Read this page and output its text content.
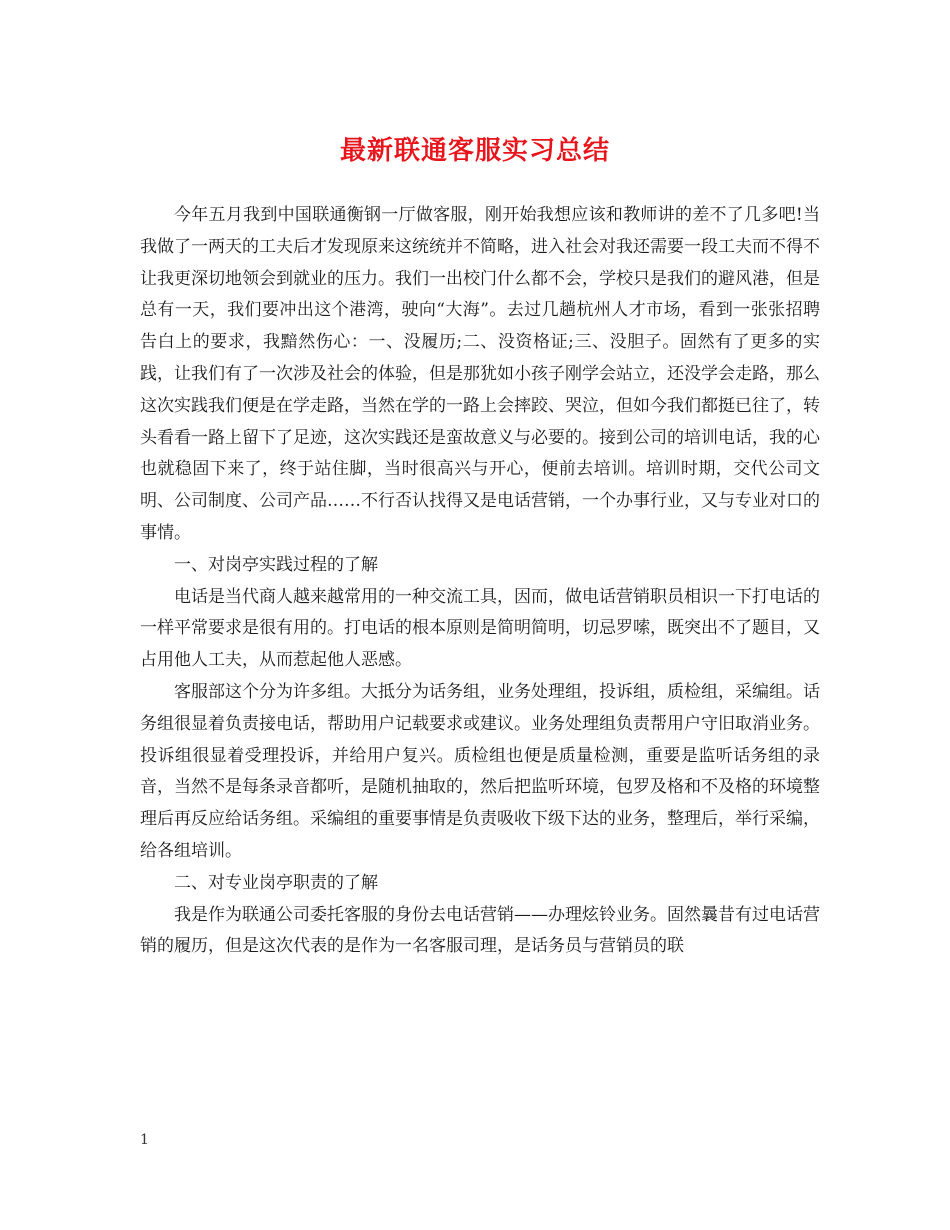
最新联通客服实习总结

今年五月我到中国联通衡钢一厅做客服，刚开始我想应该和教师讲的差不了几多吧!当我做了一两天的工夫后才发现原来这统统并不简略，进入社会对我还需要一段工夫而不得不让我更深切地领会到就业的压力。我们一出校门什么都不会，学校只是我们的避风港，但是总有一天，我们要冲出这个港湾，驶向“大海”。去过几趟杭州人才市场，看到一张张招聘告白上的要求，我黯然伤心：一、没履历;二、没资格证;三、没胆子。固然有了更多的实践，让我们有了一次涉及社会的体验，但是那犹如小孩子刚学会站立，还没学会走路，那么这次实践我们便是在学走路，当然在学的一路上会摔跤、哭泣，但如今我们都挺已往了，转头看看一路上留下了足迹，这次实践还是蛮故意义与必要的。接到公司的培训电话，我的心也就稳固下来了，终于站住脚，当时很高兴与开心，便前去培训。培训时期，交代公司文明、公司制度、公司产品……不行否认找得又是电话营销，一个办事行业，又与专业对口的事情。

一、对岗亭实践过程的了解

电话是当代商人越来越常用的一种交流工具，因而，做电话营销职员相识一下打电话的一样平常要求是很有用的。打电话的根本原则是简明简明，切忌罗嗦，既突出不了题目，又占用他人工夫，从而惹起他人恶感。

客服部这个分为许多组。大抵分为话务组，业务处理组，投诉组，质检组，采编组。话务组很显着负责接电话，帮助用户记载要求或建议。业务处理组负责帮用户守旧取消业务。投诉组很显着受理投诉，并给用户复兴。质检组也便是质量检测，重要是监听话务组的录音，当然不是每条录音都听，是随机抽取的，然后把监听环境，包罗及格和不及格的环境整理后再反应给话务组。采编组的重要事情是负责吸收下级下达的业务，整理后，举行采编，给各组培训。

二、对专业岗亭职责的了解

我是作为联通公司委托客服的身份去电话营销——办理炫铃业务。固然曩昔有过电话营销的履历，但是这次代表的是作为一名客服司理，是话务员与营销员的联

1
